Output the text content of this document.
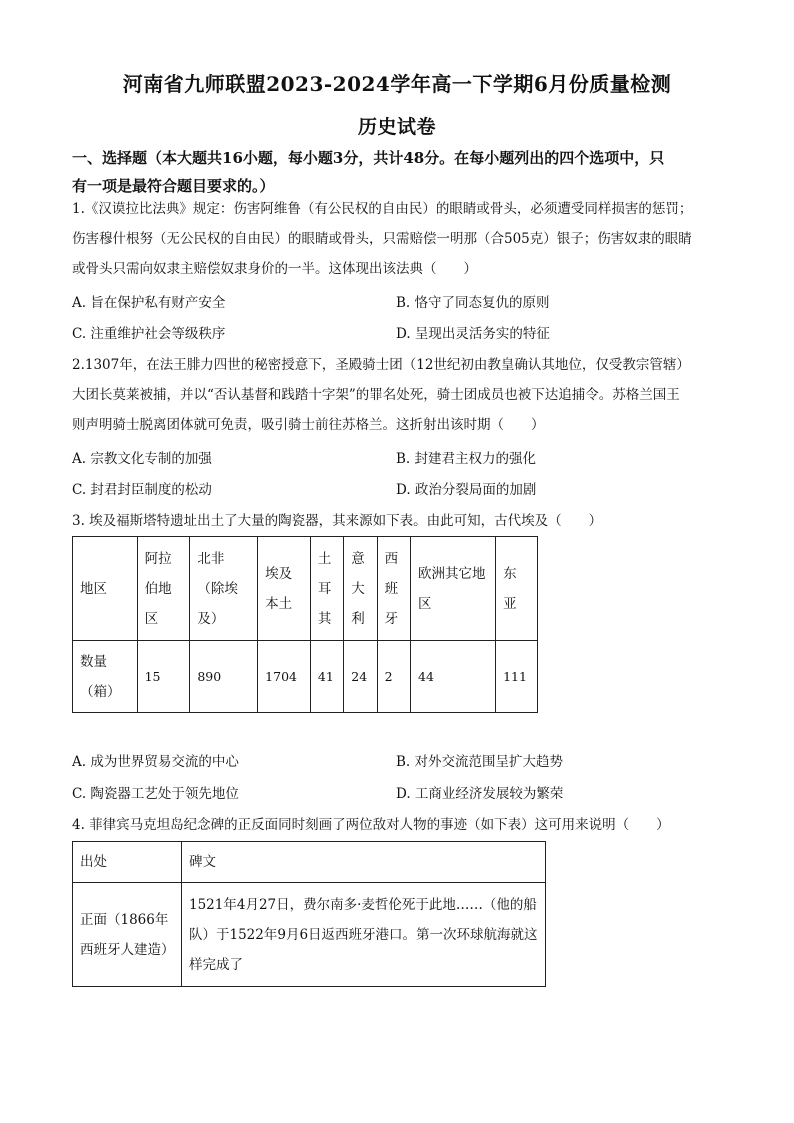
河南省九师联盟2023-2024学年高一下学期6月份质量检测
历史试卷
一、选择题（本大题共16小题，每小题3分，共计48分。在每小题列出的四个选项中，只
有一项是最符合题目要求的。）
1.《汉谟拉比法典》规定：伤害阿维鲁（有公民权的自由民）的眼睛或骨头，必须遭受同样损害的惩罚；
伤害穆什根努（无公民权的自由民）的眼睛或骨头，只需赔偿一明那（合505克）银子；伤害奴隶的眼睛
或骨头只需向奴隶主赔偿奴隶身价的一半。这体现出该法典（　　）
A. 旨在保护私有财产安全	B. 恪守了同态复仇的原则
C. 注重维护社会等级秩序	D. 呈现出灵活务实的特征
2.1307年，在法王腓力四世的秘密授意下，圣殿骑士团（12世纪初由教皇确认其地位，仅受教宗管辖）
大团长莫莱被捕，并以“否认基督和践踏十字架”的罪名处死，骑士团成员也被下达追捕令。苏格兰国王
则声明骑士脱离团体就可免责，吸引骑士前往苏格兰。这折射出该时期（　　）
A. 宗教文化专制的加强	B. 封建君主权力的强化
C. 封君封臣制度的松动	D. 政治分裂局面的加剧
3. 埃及福斯塔特遗址出土了大量的陶瓷器，其来源如下表。由此可知，古代埃及（　　）
地区	阿拉伯地区	北非（除埃及）	埃及本土	土耳其	意大利	西班牙	欧洲其它地区	东亚
数量（箱）	15	890	1704	41	24	2	44	111
A. 成为世界贸易交流的中心	B. 对外交流范围呈扩大趋势
C. 陶瓷器工艺处于领先地位	D. 工商业经济发展较为繁荣
4. 菲律宾马克坦岛纪念碑的正反面同时刻画了两位敌对人物的事迹（如下表）这可用来说明（　　）
出处	碑文
正面（1866年西班牙人建造）	1521年4月27日，费尔南多·麦哲伦死于此地……（他的船队）于1522年9月6日返西班牙港口。第一次环球航海就这样完成了
